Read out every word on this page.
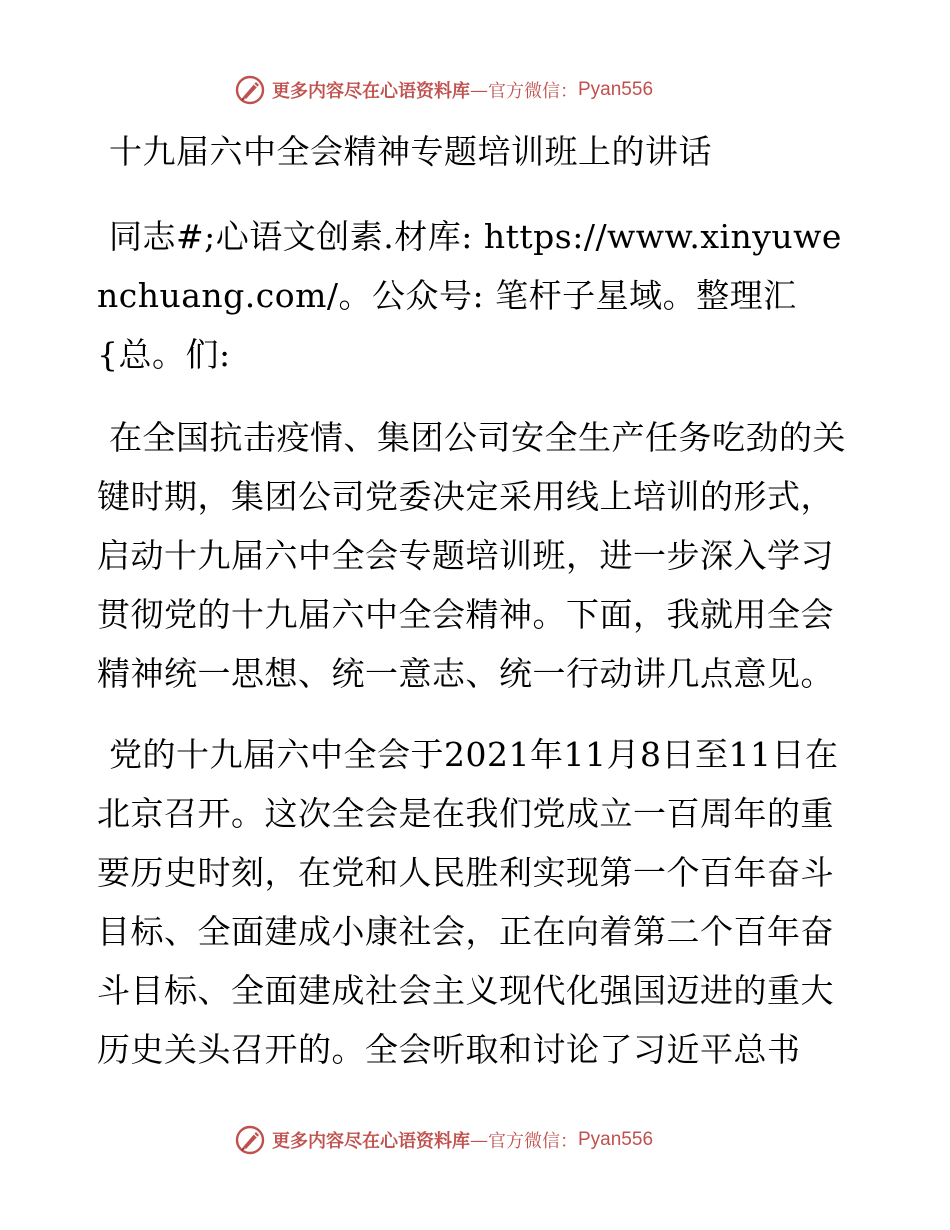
更多内容尽在心语资料库 — 官方微信： Pyan556

十九届六中全会精神专题培训班上的讲话

同志#;心语文创素.材库: https://www.xinyuwenchuang.com/。公众号: 笔杆子星域。整理汇{总。们:

在全国抗击疫情、集团公司安全生产任务吃劲的关键时期，集团公司党委决定采用线上培训的形式，启动十九届六中全会专题培训班，进一步深入学习贯彻党的十九届六中全会精神。下面，我就用全会精神统一思想、统一意志、统一行动讲几点意见。

党的十九届六中全会于2021年11月8日至11日在北京召开。这次全会是在我们党成立一百周年的重要历史时刻，在党和人民胜利实现第一个百年奋斗目标、全面建成小康社会，正在向着第二个百年奋斗目标、全面建成社会主义现代化强国迈进的重大历史关头召开的。全会听取和讨论了习近平总书

更多内容尽在心语资料库 — 官方微信： Pyan556
